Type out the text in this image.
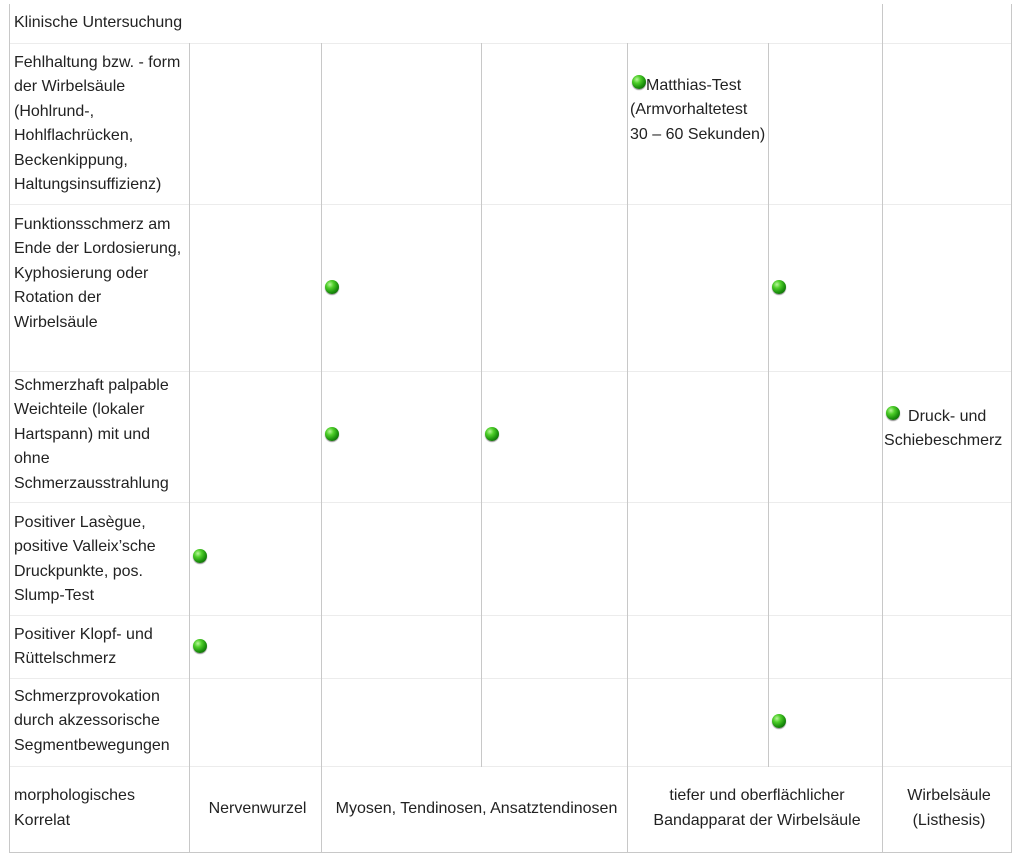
Klinische Untersuchung						
Fehlhaltung bzw. - form der Wirbelsäule (Hohlrund-, Hohlflachrücken, Beckenkippung, Haltungsinsuffizienz)				Matthias-Test (Armvorhaltetest 30 – 60 Sekunden)		
Funktionsschmerz am Ende der Lordosierung, Kyphosierung oder Rotation der Wirbelsäule						
Schmerzhaft palpable Weichteile (lokaler Hartspann) mit und ohne Schmerzausstrahlung						Druck- und Schiebeschmerz
Positiver Lasègue, positive Valleix’sche Druckpunkte, pos. Slump-Test						
Positiver Klopf- und Rüttelschmerz						
Schmerzprovokation durch akzessorische Segmentbewegungen						
morphologisches Korrelat	Nervenwurzel	Myosen, Tendinosen, Ansatztendinosen		tiefer und oberflächlicher Bandapparat der Wirbelsäule		Wirbelsäule (Listhesis)
